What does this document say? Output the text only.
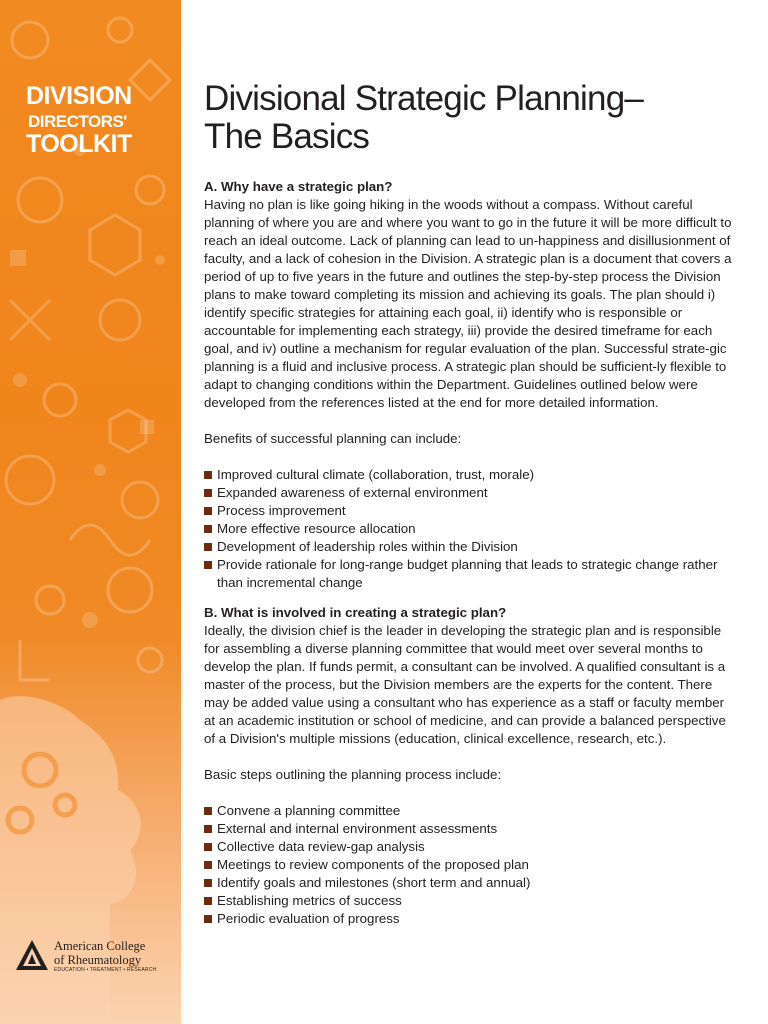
DIVISION
DIRECTORS'
TOOLKIT
American College
of Rheumatology
EDUCATION • TREATMENT • RESEARCH
Divisional Strategic Planning–
The Basics
A. Why have a strategic plan?

Having no plan is like going hiking in the woods without a compass. Without careful planning of where you are and where you want to go in the future it will be more difficult to reach an ideal outcome. Lack of planning can lead to un-happiness and disillusionment of faculty, and a lack of cohesion in the Division. A strategic plan is a document that covers a period of up to five years in the future and outlines the step-by-step process the Division plans to make toward completing its mission and achieving its goals. The plan should i) identify specific strategies for attaining each goal, ii) identify who is responsible or accountable for implementing each strategy, iii) provide the desired timeframe for each goal, and iv) outline a mechanism for regular evaluation of the plan. Successful strate-gic planning is a fluid and inclusive process. A strategic plan should be sufficient-ly flexible to adapt to changing conditions within the Department. Guidelines outlined below were developed from the references listed at the end for more detailed information.

Benefits of successful planning can include:

Improved cultural climate (collaboration, trust, morale)
Expanded awareness of external environment
Process improvement
More effective resource allocation
Development of leadership roles within the Division
Provide rationale for long-range budget planning that leads to strategic change rather than incremental change
B. What is involved in creating a strategic plan?

Ideally, the division chief is the leader in developing the strategic plan and is responsible for assembling a diverse planning committee that would meet over several months to develop the plan. If funds permit, a consultant can be involved. A qualified consultant is a master of the process, but the Division members are the experts for the content. There may be added value using a consultant who has experience as a staff or faculty member at an academic institution or school of medicine, and can provide a balanced perspective of a Division's multiple missions (education, clinical excellence, research, etc.).

Basic steps outlining the planning process include:

Convene a planning committee
External and internal environment assessments
Collective data review-gap analysis
Meetings to review components of the proposed plan
Identify goals and milestones (short term and annual)
Establishing metrics of success
Periodic evaluation of progress
